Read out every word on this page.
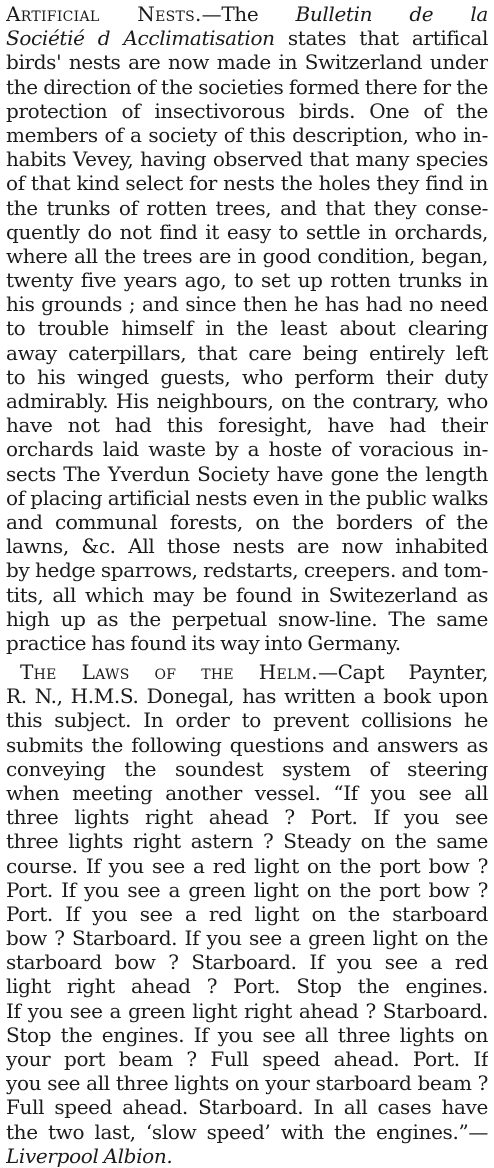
Artificial Nests.—The Bulletin de la
Sociétié d Acclimatisation states that artifical
birds' nests are now made in Switzerland under
the direction of the societies formed there for the
protection of insectivorous birds. One of the
members of a society of this description, who in-
habits Vevey, having observed that many species
of that kind select for nests the holes they find in
the trunks of rotten trees, and that they conse-
quently do not find it easy to settle in orchards,
where all the trees are in good condition, began,
twenty five years ago, to set up rotten trunks in
his grounds ; and since then he has had no need
to trouble himself in the least about clearing
away caterpillars, that care being entirely left
to his winged guests, who perform their duty
admirably. His neighbours, on the contrary, who
have not had this foresight, have had their
orchards laid waste by a hoste of voracious in-
sects The Yverdun Society have gone the length
of placing artificial nests even in the public walks
and communal forests, on the borders of the
lawns, &c. All those nests are now inhabited
by hedge sparrows, redstarts, creepers. and tom-
tits, all which may be found in Switezerland as
high up as the perpetual snow-line. The same
practice has found its way into Germany.
The Laws of the Helm.—Capt Paynter,
R. N., H.M.S. Donegal, has written a book upon
this subject. In order to prevent collisions he
submits the following questions and answers as
conveying the soundest system of steering
when meeting another vessel. “If you see all
three lights right ahead ? Port. If you see
three lights right astern ? Steady on the same
course. If you see a red light on the port bow ?
Port. If you see a green light on the port bow ?
Port. If you see a red light on the starboard
bow ? Starboard. If you see a green light on the
starboard bow ? Starboard. If you see a red
light right ahead ? Port. Stop the engines.
If you see a green light right ahead ? Starboard.
Stop the engines. If you see all three lights on
your port beam ? Full speed ahead. Port. If
you see all three lights on your starboard beam ?
Full speed ahead. Starboard. In all cases have
the two last, ‘slow speed’ with the engines.”—
Liverpool Albion.
